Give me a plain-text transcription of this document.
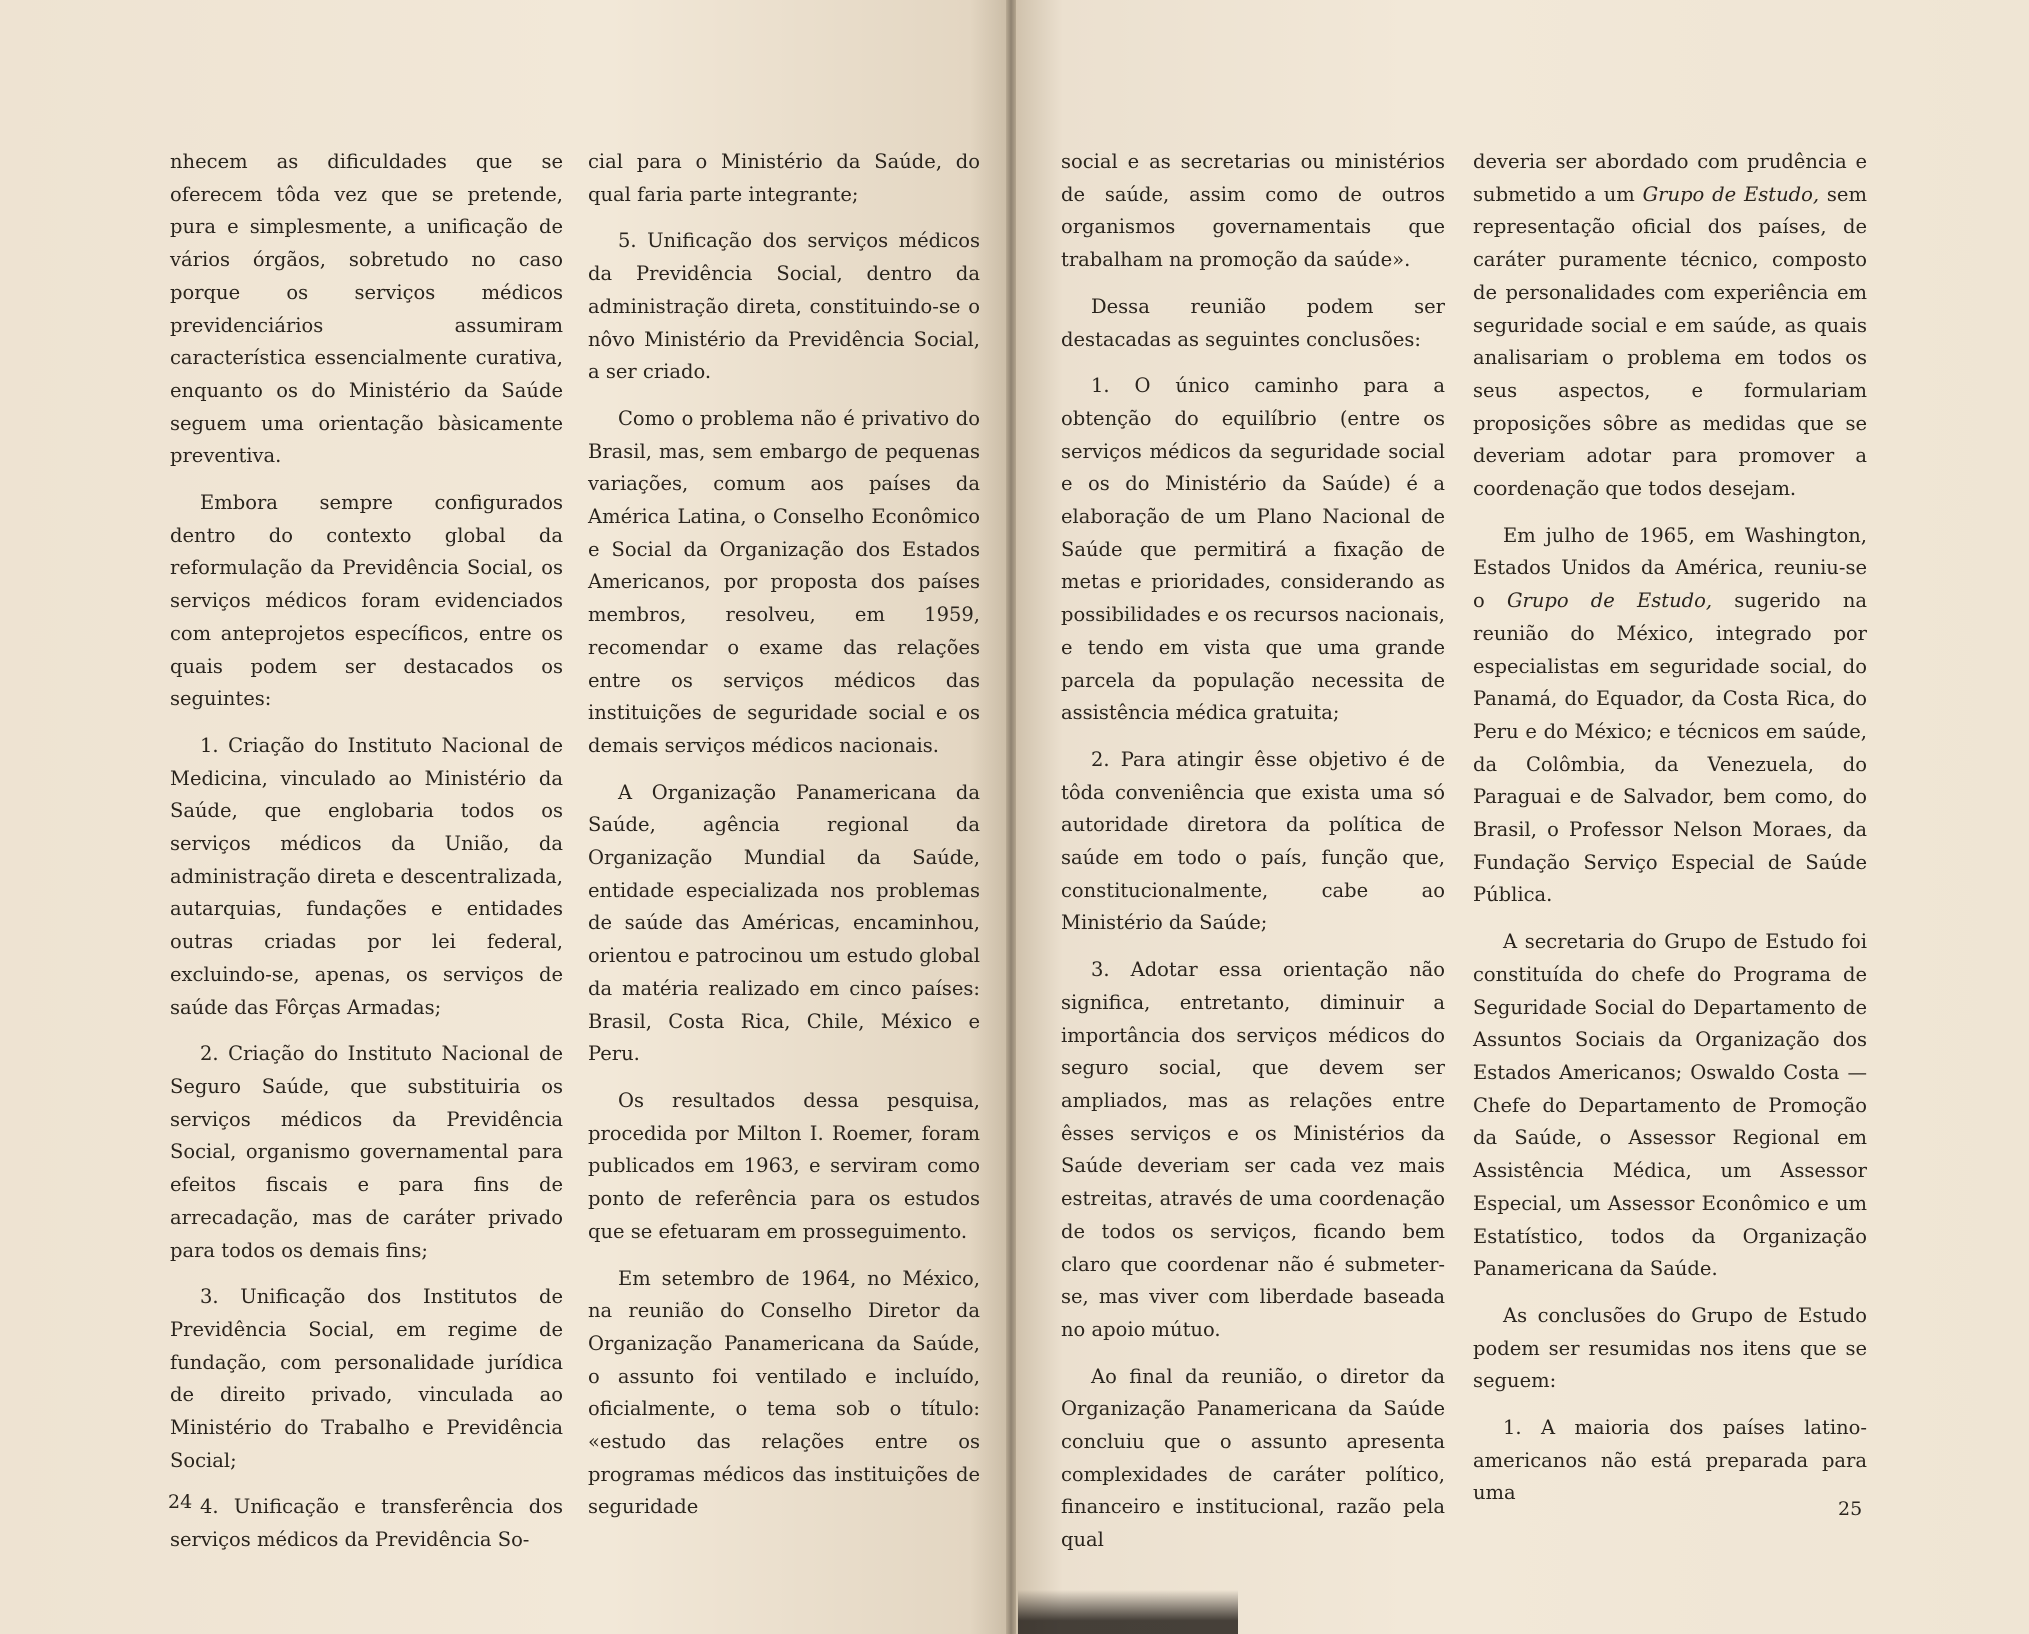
nhecem as dificuldades que se oferecem tôda vez que se pretende, pura e simplesmente, a unificação de vários órgãos, sobretudo no caso porque os serviços médicos previdenciários assumiram característica essencialmente curativa, enquanto os do Ministério da Saúde seguem uma orientação bàsicamente preventiva.

Embora sempre configurados dentro do contexto global da reformulação da Previdência Social, os serviços médicos foram evidenciados com anteprojetos específicos, entre os quais podem ser destacados os seguintes:

1. Criação do Instituto Nacional de Medicina, vinculado ao Ministério da Saúde, que englobaria todos os serviços médicos da União, da administração direta e descentralizada, autarquias, fundações e entidades outras criadas por lei federal, excluindo-se, apenas, os serviços de saúde das Fôrças Armadas;

2. Criação do Instituto Nacional de Seguro Saúde, que substituiria os serviços médicos da Previdência Social, organismo governamental para efeitos fiscais e para fins de arrecadação, mas de caráter privado para todos os demais fins;

3. Unificação dos Institutos de Previdência Social, em regime de fundação, com personalidade jurídica de direito privado, vinculada ao Ministério do Trabalho e Previdência Social;

4. Unificação e transferência dos serviços médicos da Previdência So-

cial para o Ministério da Saúde, do qual faria parte integrante;

5. Unificação dos serviços médicos da Previdência Social, dentro da administração direta, constituindo-se o nôvo Ministério da Previdência Social, a ser criado.

Como o problema não é privativo do Brasil, mas, sem embargo de pequenas variações, comum aos países da América Latina, o Conselho Econômico e Social da Organização dos Estados Americanos, por proposta dos países membros, resolveu, em 1959, recomendar o exame das relações entre os serviços médicos das instituições de seguridade social e os demais serviços médicos nacionais.

A Organização Panamericana da Saúde, agência regional da Organização Mundial da Saúde, entidade especializada nos problemas de saúde das Américas, encaminhou, orientou e patrocinou um estudo global da matéria realizado em cinco países: Brasil, Costa Rica, Chile, México e Peru.

Os resultados dessa pesquisa, procedida por Milton I. Roemer, foram publicados em 1963, e serviram como ponto de referência para os estudos que se efetuaram em prosseguimento.

Em setembro de 1964, no México, na reunião do Conselho Diretor da Organização Panamericana da Saúde, o assunto foi ventilado e incluído, oficialmente, o tema sob o título: «estudo das relações entre os programas médicos das instituições de seguridade

24

social e as secretarias ou ministérios de saúde, assim como de outros organismos governamentais que trabalham na promoção da saúde».

Dessa reunião podem ser destacadas as seguintes conclusões:

1. O único caminho para a obtenção do equilíbrio (entre os serviços médicos da seguridade social e os do Ministério da Saúde) é a elaboração de um Plano Nacional de Saúde que permitirá a fixação de metas e prioridades, considerando as possibilidades e os recursos nacionais, e tendo em vista que uma grande parcela da população necessita de assistência médica gratuita;

2. Para atingir êsse objetivo é de tôda conveniência que exista uma só autoridade diretora da política de saúde em todo o país, função que, constitucionalmente, cabe ao Ministério da Saúde;

3. Adotar essa orientação não significa, entretanto, diminuir a importância dos serviços médicos do seguro social, que devem ser ampliados, mas as relações entre êsses serviços e os Ministérios da Saúde deveriam ser cada vez mais estreitas, através de uma coordenação de todos os serviços, ficando bem claro que coordenar não é submeter-se, mas viver com liberdade baseada no apoio mútuo.

Ao final da reunião, o diretor da Organização Panamericana da Saúde concluiu que o assunto apresenta complexidades de caráter político, financeiro e institucional, razão pela qual

deveria ser abordado com prudência e submetido a um Grupo de Estudo, sem representação oficial dos países, de caráter puramente técnico, composto de personalidades com experiência em seguridade social e em saúde, as quais analisariam o problema em todos os seus aspectos, e formulariam proposições sôbre as medidas que se deveriam adotar para promover a coordenação que todos desejam.

Em julho de 1965, em Washington, Estados Unidos da América, reuniu-se o Grupo de Estudo, sugerido na reunião do México, integrado por especialistas em seguridade social, do Panamá, do Equador, da Costa Rica, do Peru e do México; e técnicos em saúde, da Colômbia, da Venezuela, do Paraguai e de Salvador, bem como, do Brasil, o Professor Nelson Moraes, da Fundação Serviço Especial de Saúde Pública.

A secretaria do Grupo de Estudo foi constituída do chefe do Programa de Seguridade Social do Departamento de Assuntos Sociais da Organização dos Estados Americanos; Oswaldo Costa — Chefe do Departamento de Promoção da Saúde, o Assessor Regional em Assistência Médica, um Assessor Especial, um Assessor Econômico e um Estatístico, todos da Organização Panamericana da Saúde.

As conclusões do Grupo de Estudo podem ser resumidas nos itens que se seguem:

1. A maioria dos países latino-americanos não está preparada para uma

25
